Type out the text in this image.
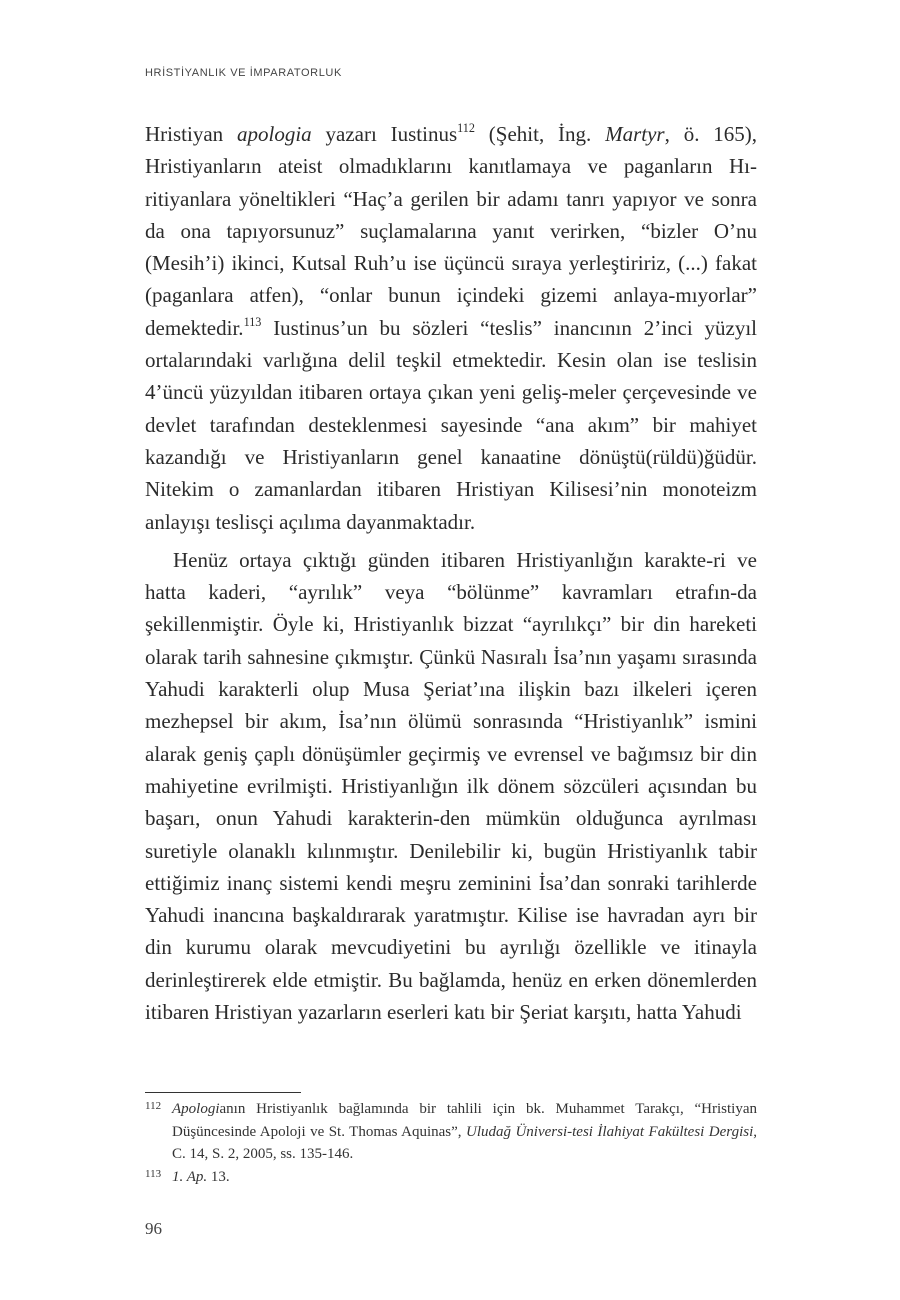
HRİSTİYANLIK VE İMPARATORLUK

Hristiyan apologia yazarı Iustinus$^{112}$ (Şehit, İng. Martyr, ö. 165), Hristiyanların ateist olmadıklarını kanıtlamaya ve paganların Hı-ritiyanlara yöneltikleri “Haç’a gerilen bir adamı tanrı yapıyor ve sonra da ona tapıyorsunuz” suçlamalarına yanıt verirken, “bizler O’nu (Mesih’i) ikinci, Kutsal Ruh’u ise üçüncü sıraya yerleştiririz, (...) fakat (paganlara atfen), “onlar bunun içindeki gizemi anlaya-mıyorlar” demektedir.$^{113}$ Iustinus’un bu sözleri “teslis” inancının 2’inci yüzyıl ortalarındaki varlığına delil teşkil etmektedir. Kesin olan ise teslisin 4’üncü yüzyıldan itibaren ortaya çıkan yeni geliş-meler çerçevesinde ve devlet tarafından desteklenmesi sayesinde “ana akım” bir mahiyet kazandığı ve Hristiyanların genel kanaatine dönüştü(rüldü)ğüdür. Nitekim o zamanlardan itibaren Hristiyan Kilisesi’nin monoteizm anlayışı teslisçi açılıma dayanmaktadır.

Henüz ortaya çıktığı günden itibaren Hristiyanlığın karakte-ri ve hatta kaderi, “ayrılık” veya “bölünme” kavramları etrafın-da şekillenmiştir. Öyle ki, Hristiyanlık bizzat “ayrılıkçı” bir din hareketi olarak tarih sahnesine çıkmıştır. Çünkü Nasıralı İsa’nın yaşamı sırasında Yahudi karakterli olup Musa Şeriat’ına ilişkin bazı ilkeleri içeren mezhepsel bir akım, İsa’nın ölümü sonrasında “Hristiyanlık” ismini alarak geniş çaplı dönüşümler geçirmiş ve evrensel ve bağımsız bir din mahiyetine evrilmişti. Hristiyanlığın ilk dönem sözcüleri açısından bu başarı, onun Yahudi karakterin-den mümkün olduğunca ayrılması suretiyle olanaklı kılınmıştır. Denilebilir ki, bugün Hristiyanlık tabir ettiğimiz inanç sistemi kendi meşru zeminini İsa’dan sonraki tarihlerde Yahudi inancına başkaldırarak yaratmıştır. Kilise ise havradan ayrı bir din kurumu olarak mevcudiyetini bu ayrılığı özellikle ve itinayla derinleştirerek elde etmiştir. Bu bağlamda, henüz en erken dönemlerden itibaren Hristiyan yazarların eserleri katı bir Şeriat karşıtı, hatta Yahudi

112 Apologianın Hristiyanlık bağlamında bir tahlili için bk. Muhammet Tarakçı, “Hristiyan Düşüncesinde Apoloji ve St. Thomas Aquinas”, Uludağ Üniversi-tesi İlahiyat Fakültesi Dergisi, C. 14, S. 2, 2005, ss. 135-146.
113 1. Ap. 13.
96
